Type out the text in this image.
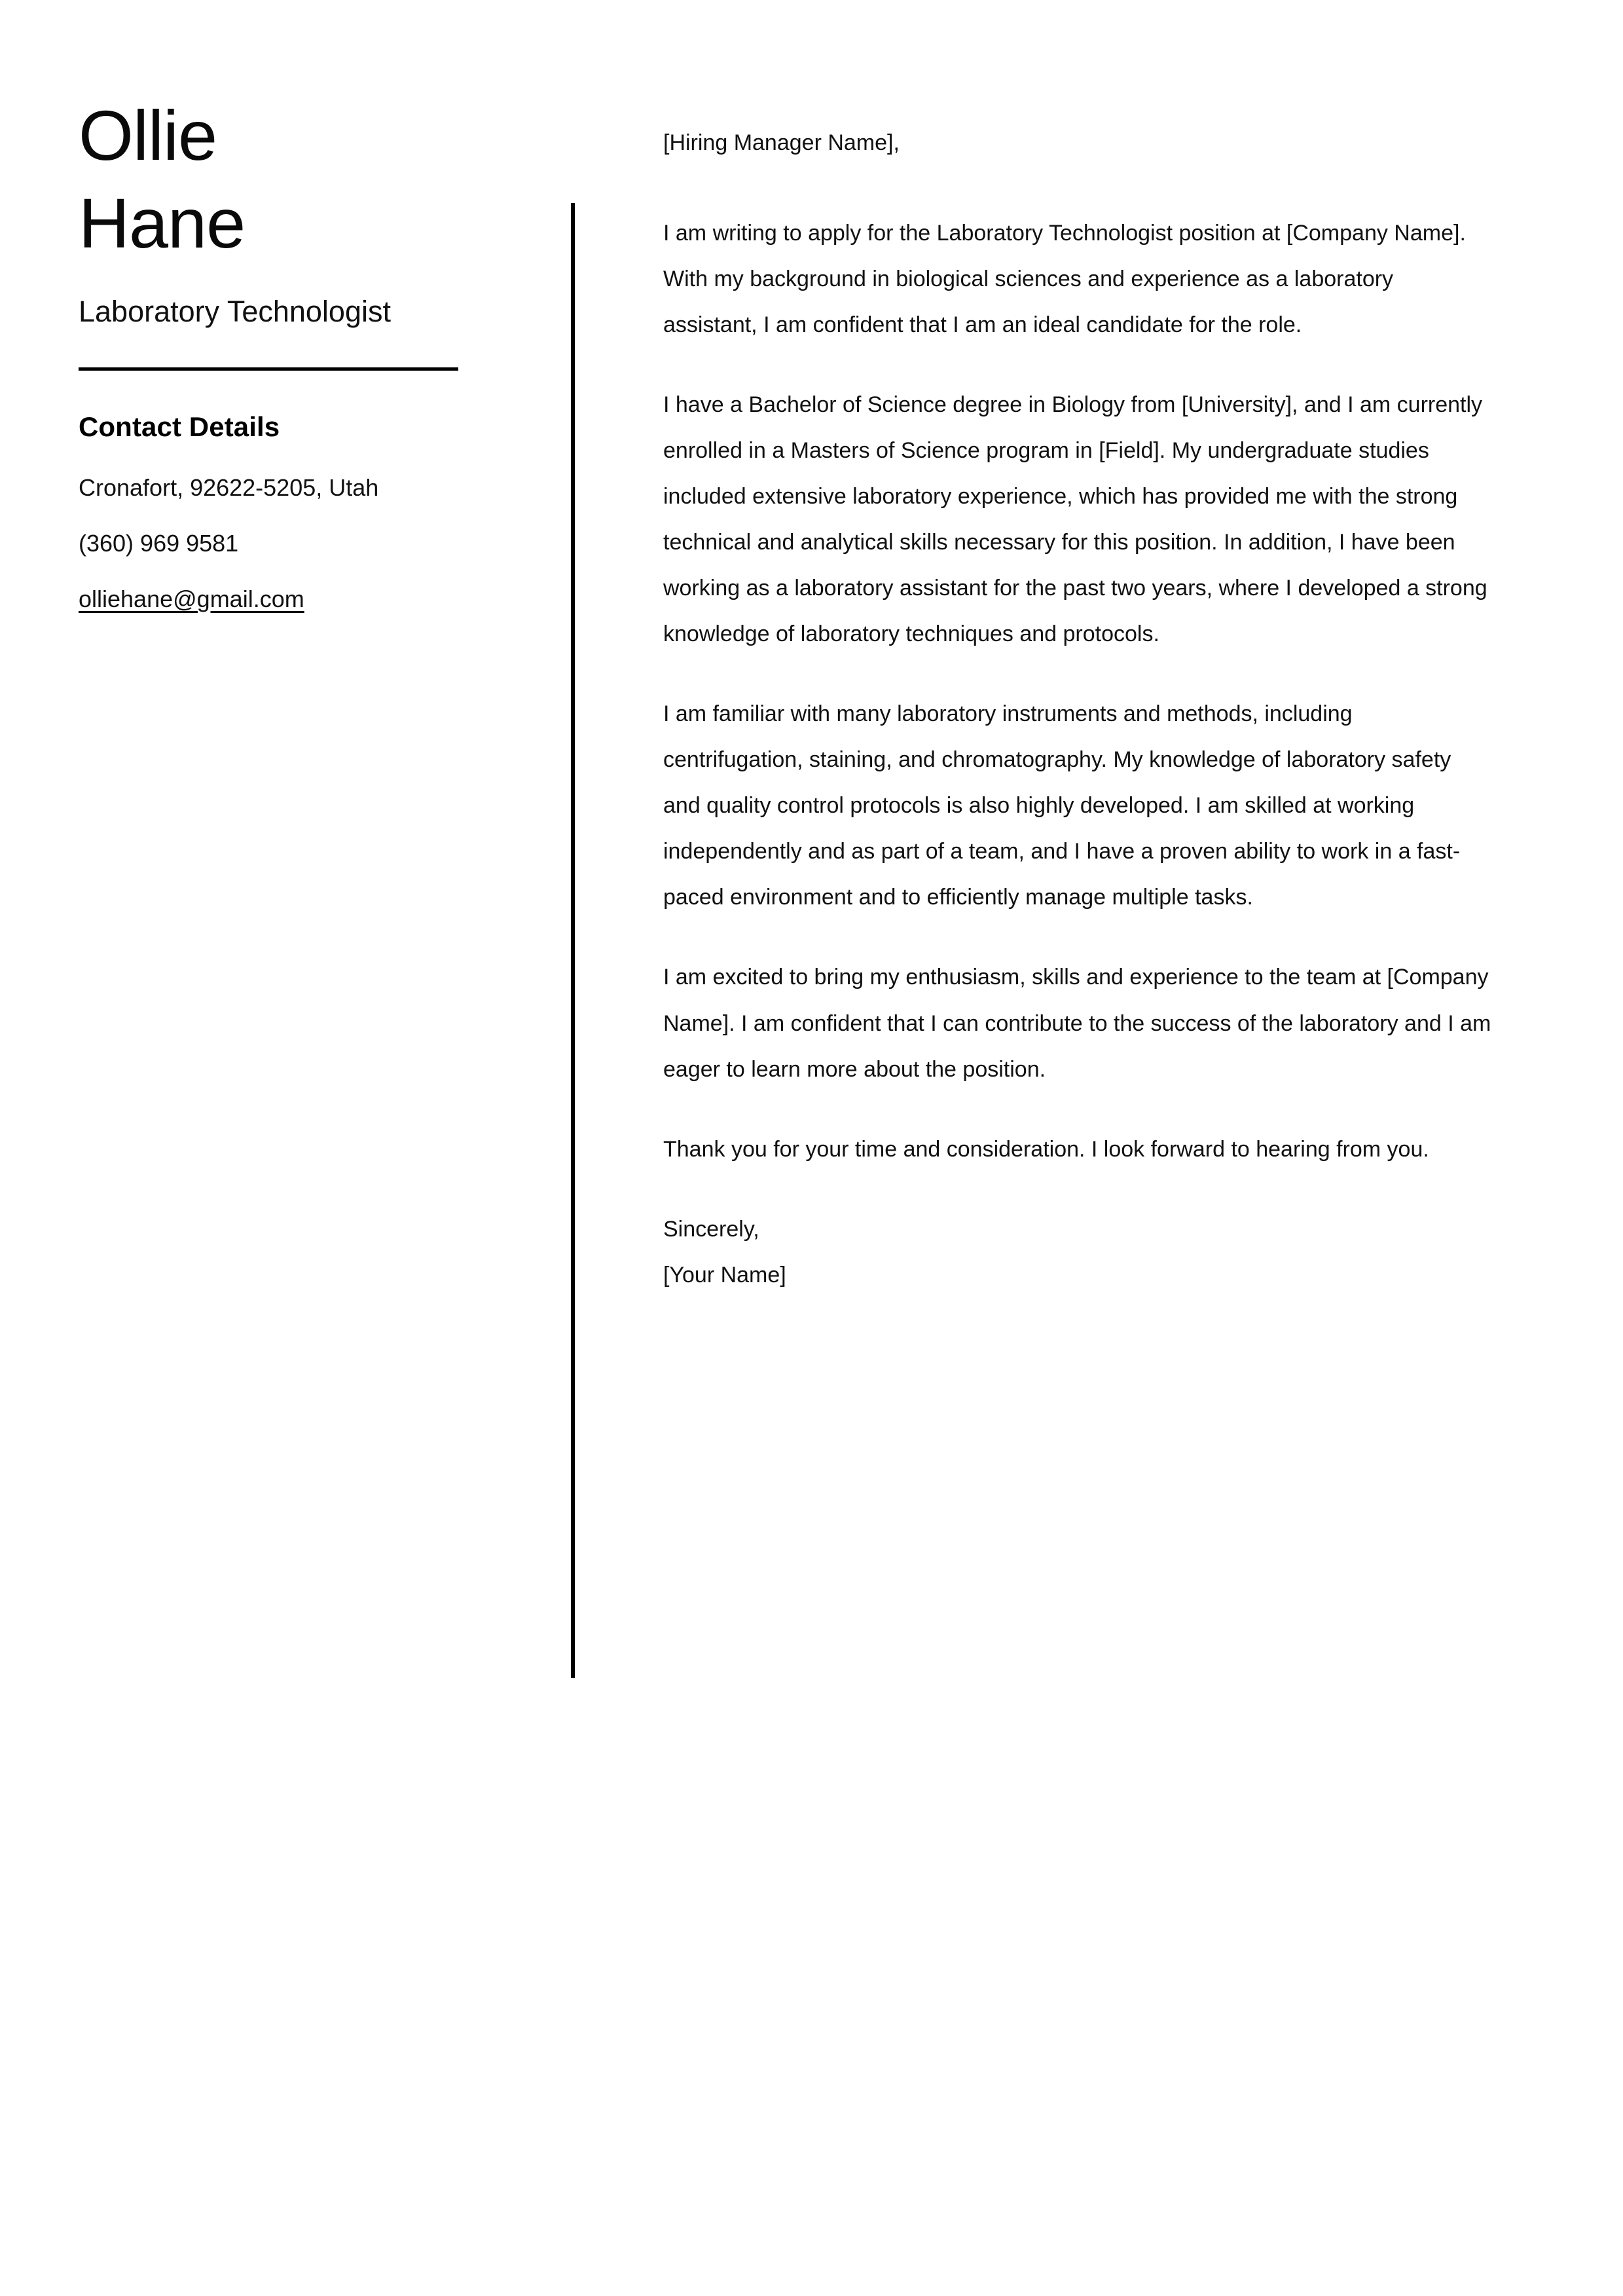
Ollie
Hane
Laboratory Technologist
Contact Details
Cronafort, 92622-5205, Utah
(360) 969 9581
olliehane@gmail.com

[Hiring Manager Name],

I am writing to apply for the Laboratory Technologist position at [Company Name]. With my background in biological sciences and experience as a laboratory assistant, I am confident that I am an ideal candidate for the role.

I have a Bachelor of Science degree in Biology from [University], and I am currently enrolled in a Masters of Science program in [Field]. My undergraduate studies included extensive laboratory experience, which has provided me with the strong technical and analytical skills necessary for this position. In addition, I have been working as a laboratory assistant for the past two years, where I developed a strong knowledge of laboratory techniques and protocols.

I am familiar with many laboratory instruments and methods, including centrifugation, staining, and chromatography. My knowledge of laboratory safety and quality control protocols is also highly developed. I am skilled at working independently and as part of a team, and I have a proven ability to work in a fast-paced environment and to efficiently manage multiple tasks.

I am excited to bring my enthusiasm, skills and experience to the team at [Company Name]. I am confident that I can contribute to the success of the laboratory and I am eager to learn more about the position.

Thank you for your time and consideration. I look forward to hearing from you.

Sincerely,
[Your Name]
